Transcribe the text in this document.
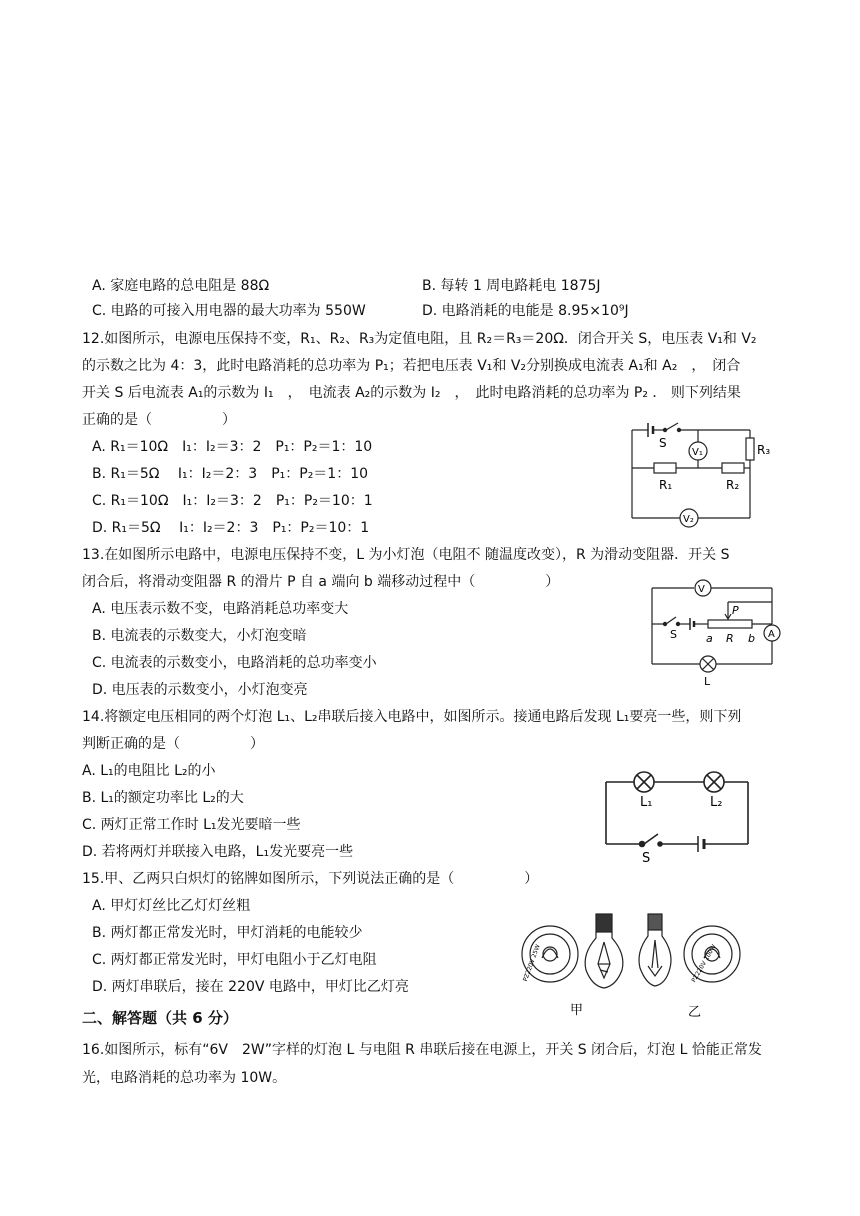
A. 家庭电路的总电阻是 88Ω	B. 每转 1 周电路耗电 1875J
C. 电路的可接入用电器的最大功率为 550W	D. 电路消耗的电能是 8.95×10⁹J
12.如图所示，电源电压保持不变，R₁、R₂、R₃为定值电阻，且 R₂＝R₃＝20Ω．闭合开关 S，电压表 V₁和 V₂
的示数之比为 4：3，此时电路消耗的总功率为 P₁；若把电压表 V₁和 V₂分别换成电流表 A₁和 A₂　，　闭合
开关 S 后电流表 A₁的示数为 I₁　，　电流表 A₂的示数为 I₂　，　此时电路消耗的总功率为 P₂ ． 则下列结果
正确的是（　　　　　）
A. R₁＝10Ω　I₁：I₂＝3：2　P₁：P₂＝1：10
B. R₁＝5Ω　 I₁：I₂＝2：3　P₁：P₂＝1：10
C. R₁＝10Ω　I₁：I₂＝3：2　P₁：P₂＝10：1
D. R₁＝5Ω　 I₁：I₂＝2：3　P₁：P₂＝10：1
S
V₁	R₃
R₁	R₂
V₂
13.在如图所示电路中，电源电压保持不变，L 为小灯泡（电阻不 随温度改变），R 为滑动变阻器．开关 S
闭合后，将滑动变阻器 R 的滑片 P 自 a 端向 b 端移动过程中（　　　　　）
A. 电压表示数不变，电路消耗总功率变大
B. 电流表的示数变大，小灯泡变暗
C. 电流表的示数变小，电路消耗的总功率变小
D. 电压表的示数变小，小灯泡变亮
V
P
S	a R b A
L
14.将额定电压相同的两个灯泡 L₁、L₂串联后接入电路中，如图所示。接通电路后发现 L₁要亮一些，则下列
判断正确的是（　　　　　）
A. L₁的电阻比 L₂的小
B. L₁的额定功率比 L₂的大
C. 两灯正常工作时 L₁发光要暗一些
D. 若将两灯并联接入电路，L₁发光要亮一些
L₁	L₂
S
15.甲、乙两只白炽灯的铭牌如图所示，下列说法正确的是（　　　　　）
A. 甲灯灯丝比乙灯灯丝粗
B. 两灯都正常发光时，甲灯消耗的电能较少
C. 两灯都正常发光时，甲灯电阻小于乙灯电阻
D. 两灯串联后，接在 220V 电路中，甲灯比乙灯亮
PZ220V 25W	PZ220V 100W
甲	乙
二、解答题（共 6 分）
16.如图所示，标有“6V　2W”字样的灯泡 L 与电阻 R 串联后接在电源上，开关 S 闭合后，灯泡 L 恰能正常发
光，电路消耗的总功率为 10W。
